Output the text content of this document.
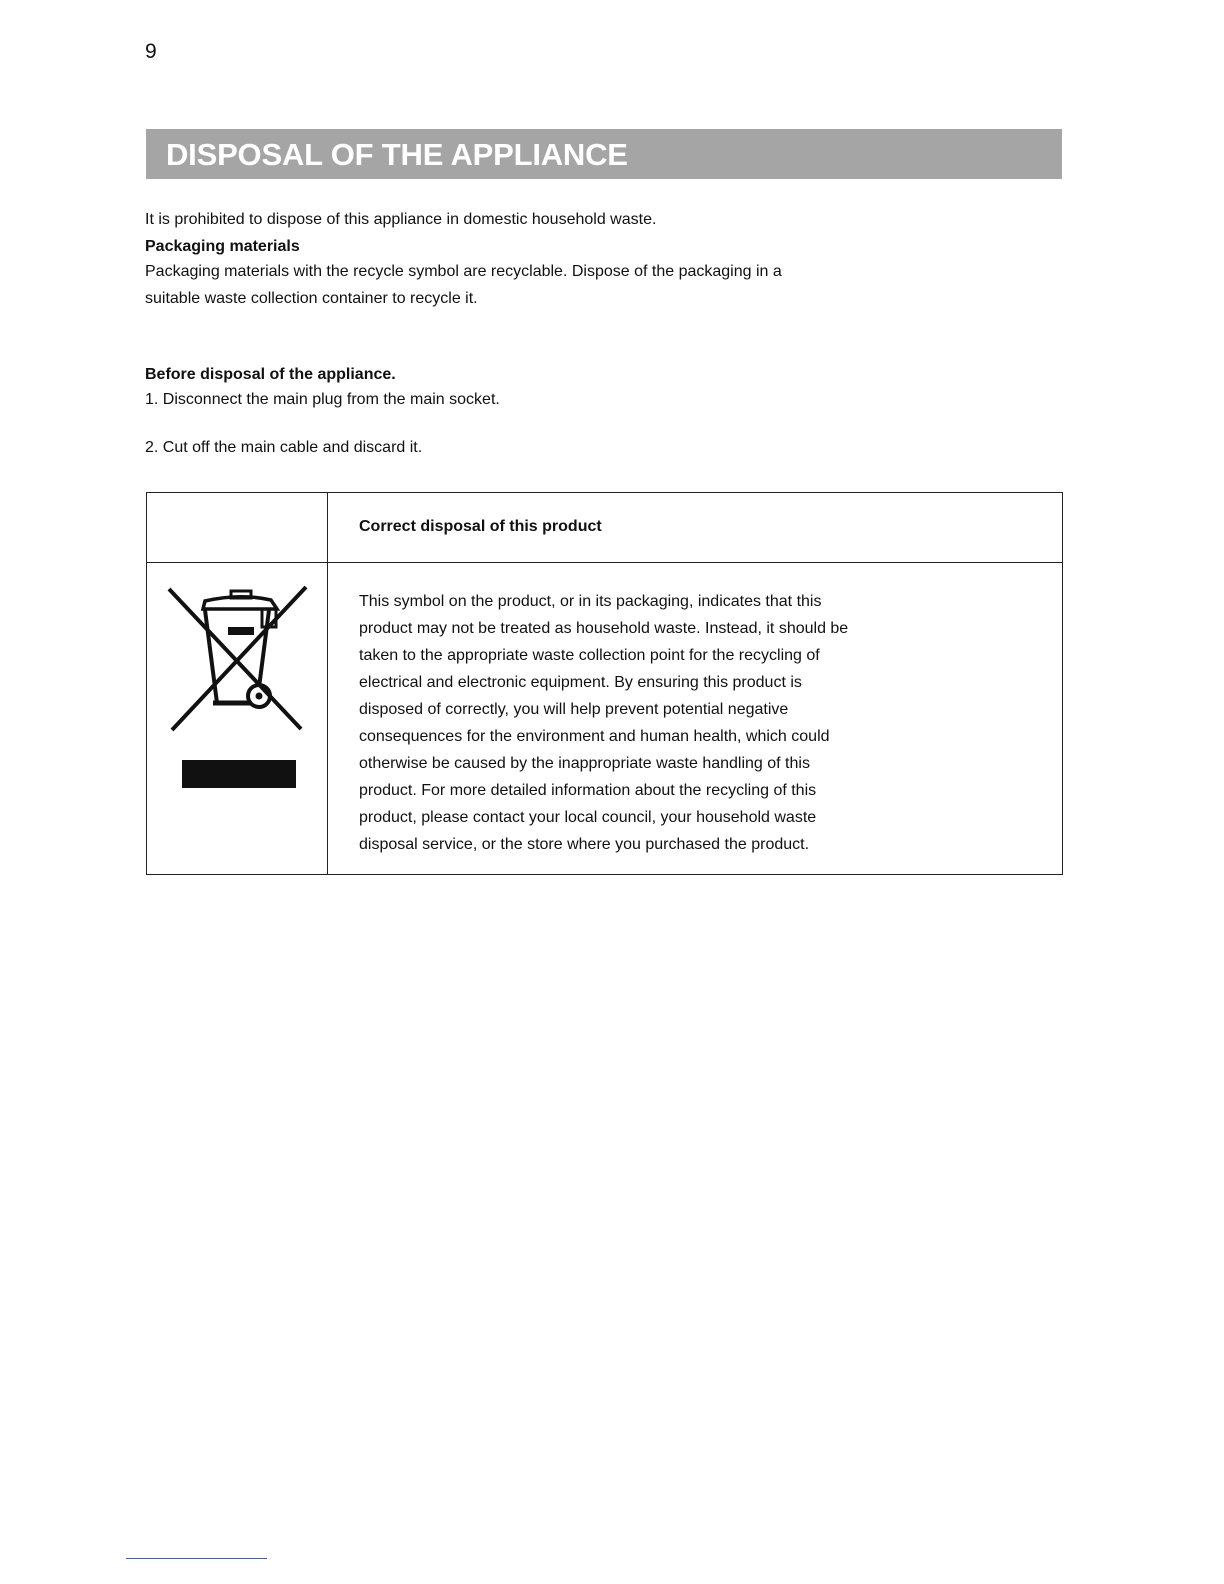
9
DISPOSAL OF THE APPLIANCE
It is prohibited to dispose of this appliance in domestic household waste.
Packaging materials
Packaging materials with the recycle symbol are recyclable. Dispose of the packaging in a
suitable waste collection container to recycle it.
Before disposal of the appliance.
1. Disconnect the main plug from the main socket.
2. Cut off the main cable and discard it.
Correct disposal of this product
This symbol on the product, or in its packaging, indicates that this
product may not be treated as household waste. Instead, it should be
taken to the appropriate waste collection point for the recycling of
electrical and electronic equipment. By ensuring this product is
disposed of correctly, you will help prevent potential negative
consequences for the environment and human health, which could
otherwise be caused by the inappropriate waste handling of this
product. For more detailed information about the recycling of this
product, please contact your local council, your household waste
disposal service, or the store where you purchased the product.
